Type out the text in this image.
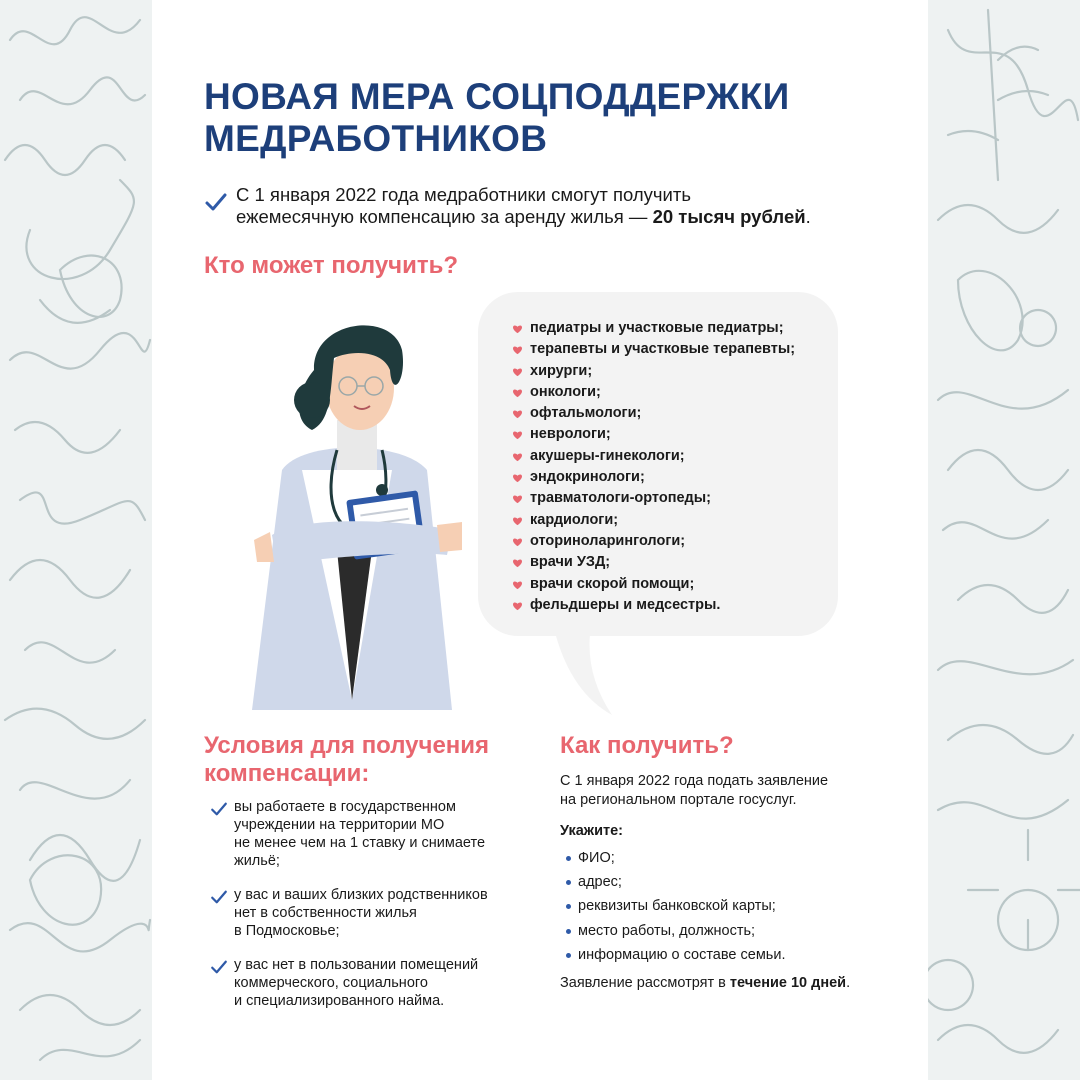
НОВАЯ МЕРА СОЦПОДДЕРЖКИ
МЕДРАБОТНИКОВ
С 1 января 2022 года медработники смогут получить
ежемесячную компенсацию за аренду жилья — 20 тысяч рублей.
Кто может получить?
педиатры и участковые педиатры;
терапевты и участковые терапевты;
хирурги;
онкологи;
офтальмологи;
неврологи;
акушеры-гинекологи;
эндокринологи;
травматологи-ортопеды;
кардиологи;
оториноларингологи;
врачи УЗД;
врачи скорой помощи;
фельдшеры и медсестры.
Условия для получения
компенсации:
вы работаете в государственном
учреждении на территории МО
не менее чем на 1 ставку и снимаете
жильё;
у вас и ваших близких родственников
нет в собственности жилья
в Подмосковье;
у вас нет в пользовании помещений
коммерческого, социального
и специализированного найма.
Как получить?
С 1 января 2022 года подать заявление
на региональном портале госуслуг.
Укажите:
ФИО;
адрес;
реквизиты банковской карты;
место работы, должность;
информацию о составе семьи.
Заявление рассмотрят в течение 10 дней.
